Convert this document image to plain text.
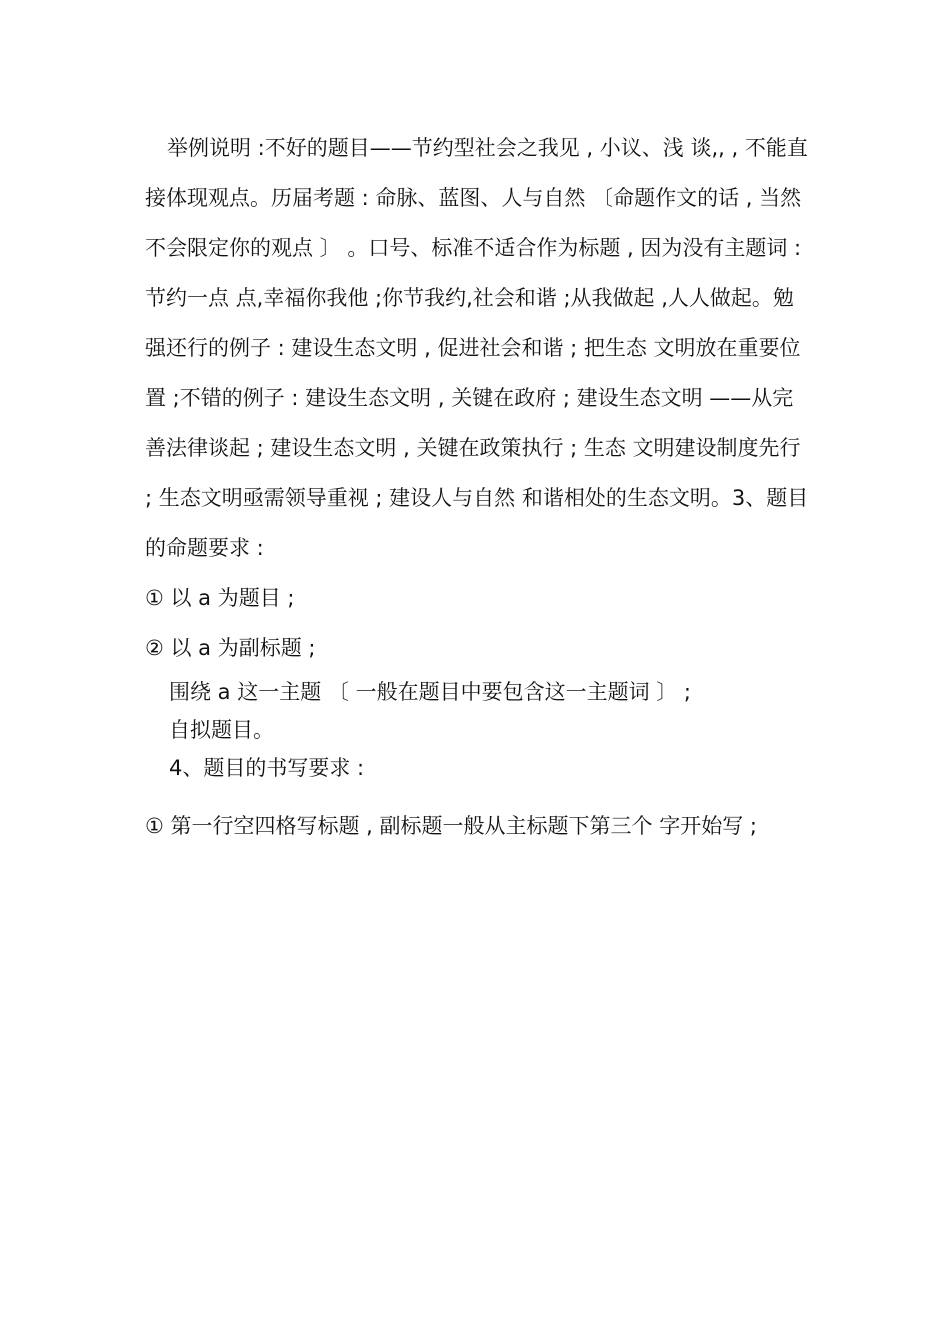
举例说明 :不好的题目——节约型社会之我见 , 小议、浅 谈,, , 不能直接体现观点。历届考题 : 命脉、蓝图、人与自然 〔命题作文的话 , 当然 不会限定你的观点 〕 。口号、标准不适合作为标题 , 因为没有主题词 : 节约一点 点,幸福你我他 ;你节我约,社会和谐 ;从我做起 ,人人做起。勉强还行的例子 : 建设生态文明 , 促进社会和谐 ; 把生态 文明放在重要位置 ;不错的例子 : 建设生态文明 , 关键在政府 ; 建设生态文明 ——从完善法律谈起 ; 建设生态文明 , 关键在政策执行 ; 生态 文明建设制度先行 ; 生态文明亟需领导重视 ; 建设人与自然 和谐相处的生态文明。3、题目的命题要求 :

① 以 a 为题目 ;

② 以 a 为副标题 ;

围绕 a 这一主题 〔 一般在题目中要包含这一主题词 〕 ;
自拟题目。

4、题目的书写要求 :

① 第一行空四格写标题 , 副标题一般从主标题下第三个 字开始写 ;
